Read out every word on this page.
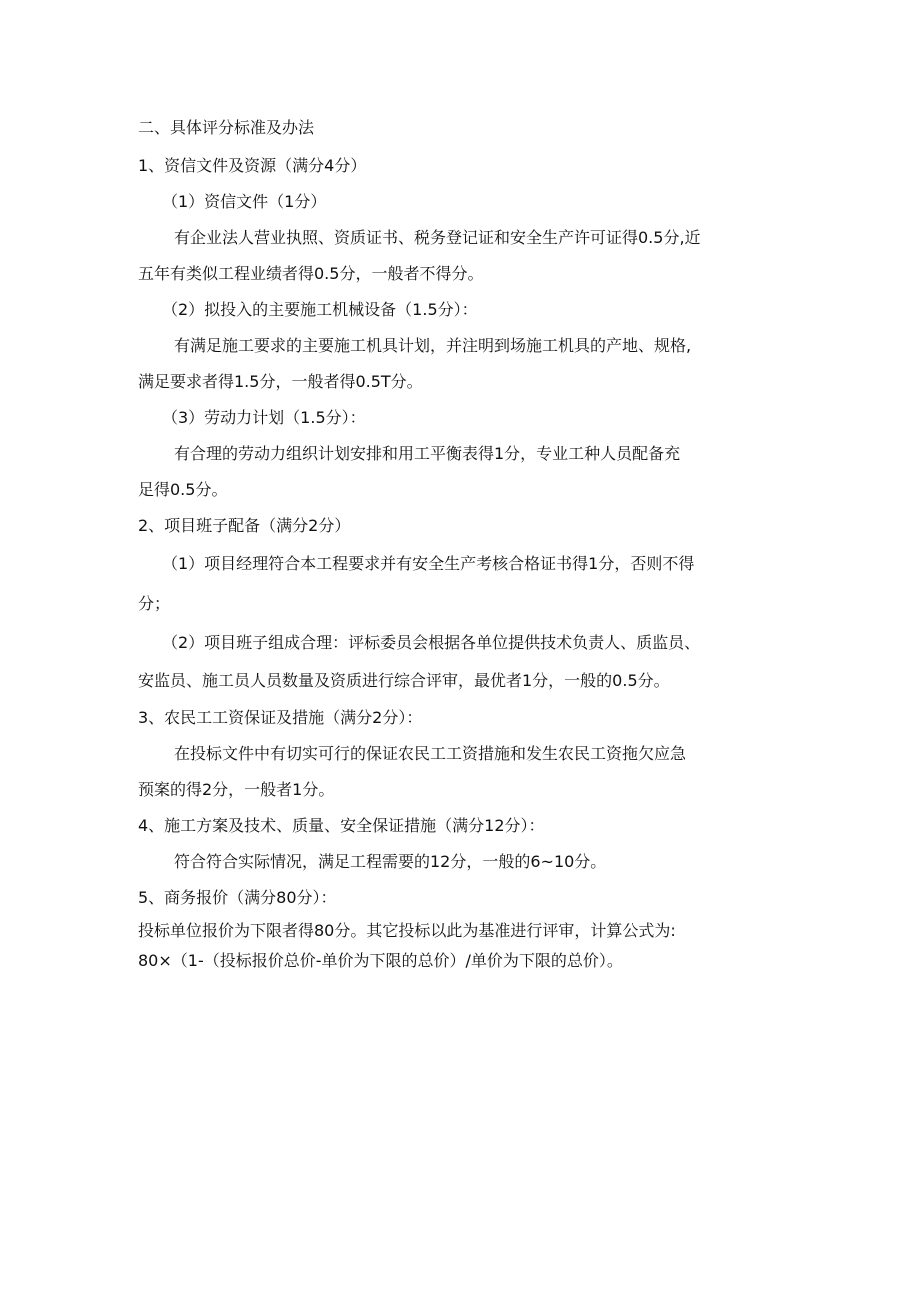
二、具体评分标准及办法
1、资信文件及资源（满分4分）
（1）资信文件（1分）
有企业法人营业执照、资质证书、税务登记证和安全生产许可证得0.5分,近
五年有类似工程业绩者得0.5分，一般者不得分。
（2）拟投入的主要施工机械设备（1.5分）：
有满足施工要求的主要施工机具计划，并注明到场施工机具的产地、规格,
满足要求者得1.5分，一般者得0.5T分。
（3）劳动力计划（1.5分）：
有合理的劳动力组织计划安排和用工平衡表得1分，专业工种人员配备充
足得0.5分。
2、项目班子配备（满分2分）
（1）项目经理符合本工程要求并有安全生产考核合格证书得1分，否则不得
分；
（2）项目班子组成合理：评标委员会根据各单位提供技术负责人、质监员、
安监员、施工员人员数量及资质进行综合评审，最优者1分，一般的0.5分。
3、农民工工资保证及措施（满分2分）：
在投标文件中有切实可行的保证农民工工资措施和发生农民工资拖欠应急
预案的得2分，一般者1分。
4、施工方案及技术、质量、安全保证措施（满分12分）：
符合符合实际情况，满足工程需要的12分，一般的6~10分。
5、商务报价（满分80分）：
投标单位报价为下限者得80分。其它投标以此为基准进行评审，计算公式为:
80×（1-（投标报价总价-单价为下限的总价）/单价为下限的总价）。
